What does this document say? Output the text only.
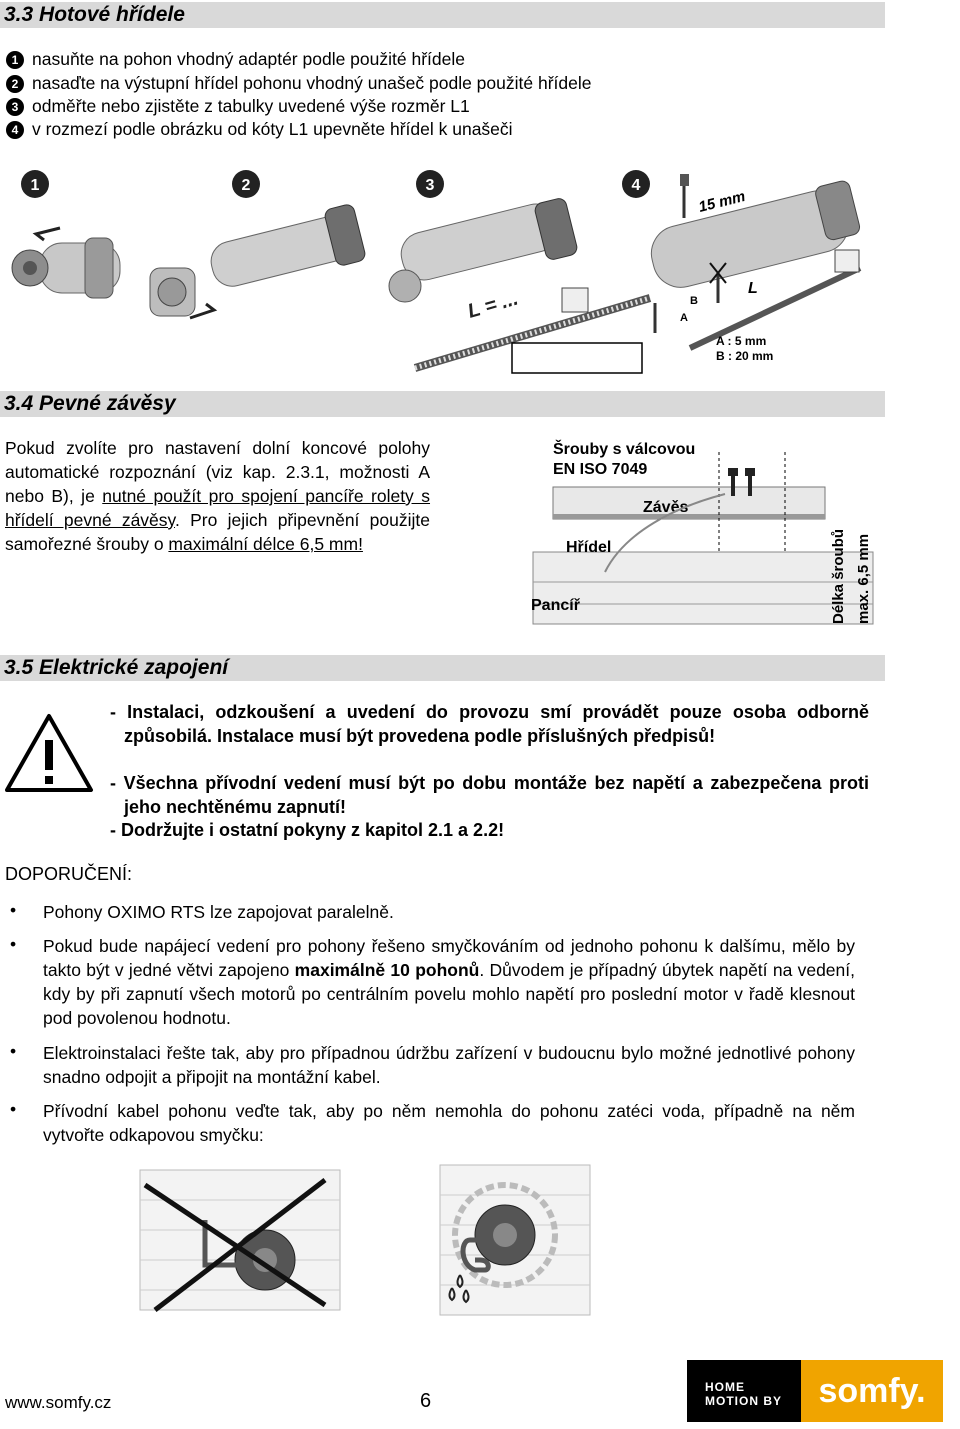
3.3 Hotové hřídele
1 nasuňte na pohon vhodný adaptér podle použité hřídele
2 nasaďte na výstupní hřídel pohonu vhodný unašeč podle použité hřídele
3 odměřte nebo zjistěte z tabulky uvedené výše rozměr L1
4 v rozmezí podle obrázku od kóty L1 upevněte hřídel k unašeči
1	2	3	4
L = ...
15 mm
A
B
L
A : 5 mm
B : 20 mm
3.4 Pevné závěsy
Pokud zvolíte pro nastavení dolní koncové polohy automatické rozpoznání (viz kap. 2.3.1, možnosti A nebo B), je nutné použít pro spojení pancíře rolety s hřídelí pevné závěsy. Pro jejich připevnění použijte samořezné šrouby o maximální délce 6,5 mm!
Šrouby s válcovou
EN ISO 7049
Závěs
Hřídel
Pancíř	Délka šroubů max. 6,5 mm
3.5 Elektrické zapojení
- Instalaci, odzkoušení a uvedení do provozu smí provádět pouze osoba odborně způsobilá. Instalace musí být provedena podle příslušných předpisů!
- Všechna přívodní vedení musí být po dobu montáže bez napětí a zabezpečena proti jeho nechtěnému zapnutí!
- Dodržujte i ostatní pokyny z kapitol 2.1 a 2.2!
DOPORUČENÍ:
• Pohony OXIMO RTS lze zapojovat paralelně.
• Pokud bude napájecí vedení pro pohony řešeno smyčkováním od jednoho pohonu k dalšímu, mělo by takto být v jedné větvi zapojeno maximálně 10 pohonů. Důvodem je případný úbytek napětí na vedení, kdy by při zapnutí všech motorů po centrálním povelu mohlo napětí pro poslední motor v řadě klesnout pod povolenou hodnotu.
• Elektroinstalaci řešte tak, aby pro případnou údržbu zařízení v budoucnu bylo možné jednotlivé pohony snadno odpojit a připojit na montážní kabel.
• Přívodní kabel pohonu veďte tak, aby po něm nemohla do pohonu zatéci voda, případně na něm vytvořte odkapovou smyčku:
www.somfy.cz	6
HOME
MOTION BY	somfy.
